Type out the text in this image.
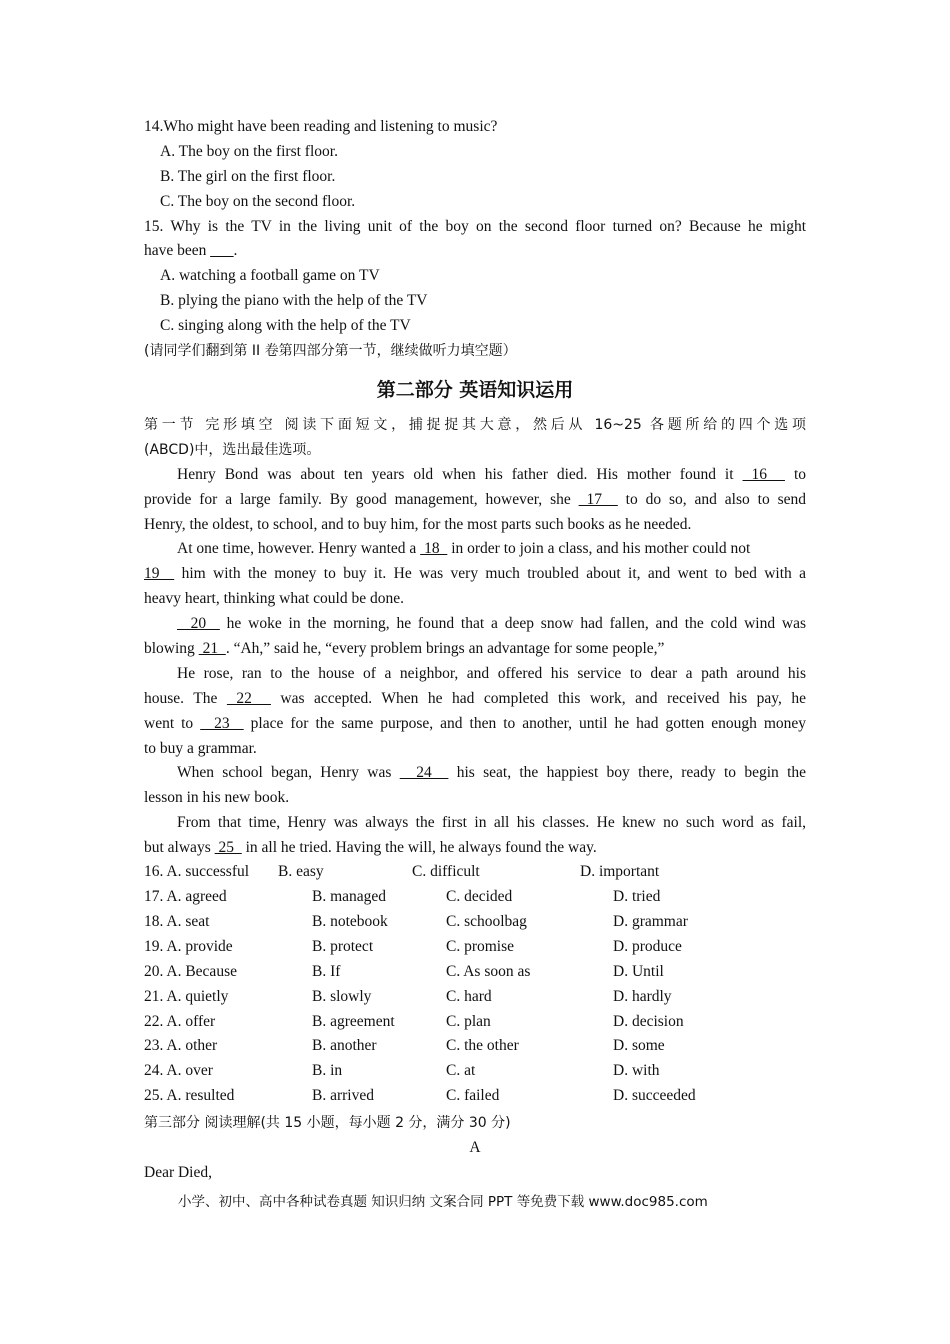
14.Who might have been reading and listening to music?
A. The boy on the first floor.
B. The girl on the first floor.
C. The boy on the second floor.
15. Why is the TV in the living unit of the boy on the second floor turned on? Because he might
have been ___.
A. watching a football game on TV
B. plying the piano with the help of the TV
C. singing along with the help of the TV
(请同学们翻到第 II 卷第四部分第一节，继续做听力填空题）
第二部分 英语知识运用
第一节 完形填空 阅读下面短文，捕捉捉其大意，然后从 16~25 各题所给的四个选项
(ABCD)中，选出最佳选项。
Henry Bond was about ten years old when his father died. His mother found it  16   to
provide for a large family. By good management, however, she  17   to do so, and also to send
Henry, the oldest, to school, and to buy him, for the most parts such books as he needed.
At one time, however. Henry wanted a  18   in order to join a class, and his mother could not
19   him with the money to buy it. He was very much troubled about it, and went to bed with a
heavy heart, thinking what could be done.
20   he woke in the morning, he found that a deep snow had fallen, and the cold wind was
blowing  21  . “Ah,” said he, “every problem brings an advantage for some people,”
He rose, ran to the house of a neighbor, and offered his service to dear a path around his
house. The  22   was accepted. When he had completed this work, and received his pay, he
went to   23   place for the same purpose, and then to another, until he had gotten enough money
to buy a grammar.
When school began, Henry was   24   his seat, the happiest boy there, ready to begin the
lesson in his new book.
From that time, Henry was always the first in all his classes. He knew no such word as fail,
but always  25   in all he tried. Having the will, he always found the way.
16. A. successful B. easy	C. difficult	D. important
17. A. agreed	B. managed	C. decided	D. tried
18. A. seat	B. notebook	C. schoolbag	D. grammar
19. A. provide	B. protect	C. promise	D. produce
20. A. Because	B. If	C. As soon as	D. Until
21. A. quietly	B. slowly	C. hard	D. hardly
22. A. offer	B. agreement	C. plan	D. decision
23. A. other	B. another	C. the other	D. some
24. A. over	B. in	C. at	D. with
25. A. resulted	B. arrived	C. failed	D. succeeded
第三部分 阅读理解(共 15 小题，每小题 2 分，满分 30 分)
A
Dear Died,
小学、初中、高中各种试卷真题 知识归纳 文案合同 PPT 等免费下载 www.doc985.com
